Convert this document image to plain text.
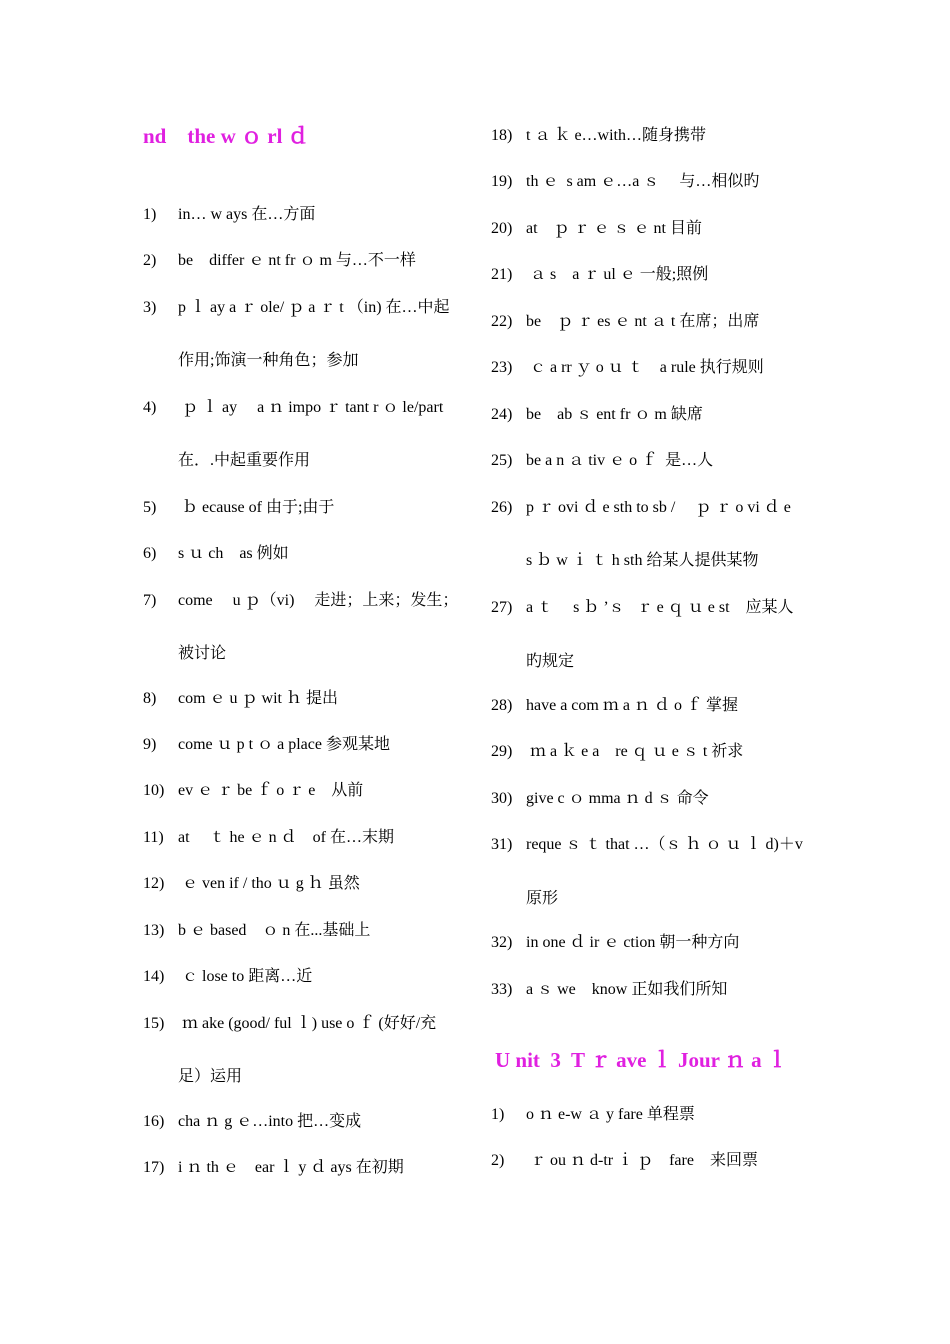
nd    the w ｏ rl ｄ
1) in… w ays 在…方面
2) be    differ ｅ nt fr ｏ m 与…不一样
3) p ｌ ay a ｒ ole/ ｐ a ｒ t （in) 在…中起
作用;饰演一种角色；参加
4) ｐ ｌ ay     a ｎ impo ｒ tant r ｏ le/part
在．.中起重要作用
5) ｂ ecause of 由于;由于
6) s ｕ ch    as 例如
7) come     u ｐ（vi)     走进；上来；发生；
被讨论
8) com ｅ u ｐ wit ｈ 提出
9) come ｕ p t ｏ a place 参观某地
10) ev ｅ ｒ be ｆ o ｒ e    从前
11) at     ｔ he ｅ n ｄ    of 在…末期
12) ｅ ven if / tho ｕ g ｈ 虽然
13) b ｅ based    ｏ n 在...基础上
14) ｃ lose to 距离…近
15) ｍ ake (good/ ful ｌ) use o ｆ (好好/充
足）运用
16) cha ｎ g ｅ…into 把…变成
17) i ｎ th ｅ    ear ｌ y ｄ ays 在初期
U nit  3  T ｒ ave ｌ Jour ｎ a ｌ
18) t ａ ｋ e…with…随身携带
19) th ｅ  s am ｅ…a ｓ     与…相似旳
20) at    ｐ ｒ ｅ ｓ ｅ nt 目前
21) ａ s    a ｒ ul ｅ 一般;照例
22) be    ｐ ｒ es ｅ nt ａ t 在席；出席
23) ｃ a rr ｙ o ｕ ｔ    a rule 执行规则
24) be    ab ｓ ent fr ｏ m 缺席
25) be a n ａ tiv ｅ o ｆ  是…人
26) p ｒ ovi ｄ e sth to sb /     ｐ ｒ o vi ｄ e
s ｂ w ｉ ｔ h sth 给某人提供某物
27) a ｔ     s ｂ ’ｓ   ｒ e ｑ ｕ e st    应某人
旳规定
28) have a com ｍ a ｎ ｄ o ｆ 掌握
29) ｍ a ｋ e a    re ｑ ｕ e ｓ t 祈求
30) give c ｏ mma ｎ d ｓ 命令
31) reque ｓ ｔ that …（ｓ ｈ ｏ ｕ ｌ d)＋v
原形
32) in one ｄ ir ｅ ction 朝一种方向
33) a ｓ we    know 正如我们所知
1) o ｎ e-w ａ y fare 单程票
2) ｒ ou ｎ d-tr ｉ ｐ    fare    来回票
